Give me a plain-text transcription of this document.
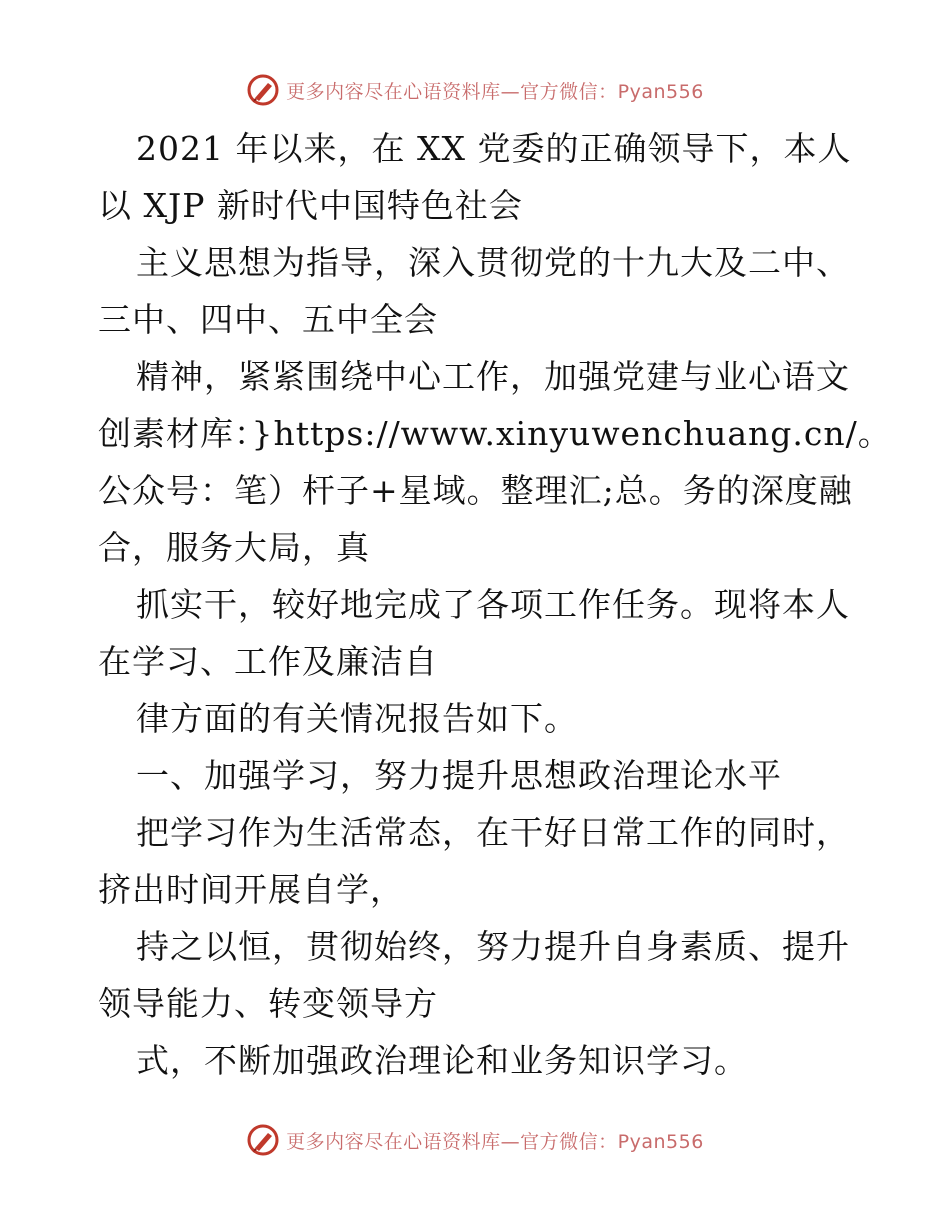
更多内容尽在心语资料库—官方微信：Pyan556

2021 年以来，在 XX 党委的正确领导下，本人

以 XJP 新时代中国特色社会

主义思想为指导，深入贯彻党的十九大及二中、

三中、四中、五中全会

精神，紧紧围绕中心工作，加强党建与业心语文

创素材库：}https://www.xinyuwenchuang.cn/。

公众号：笔）杆子+星域。整理汇;总。务的深度融

合，服务大局，真

抓实干，较好地完成了各项工作任务。现将本人

在学习、工作及廉洁自

律方面的有关情况报告如下。

一、加强学习，努力提升思想政治理论水平

把学习作为生活常态，在干好日常工作的同时，

挤出时间开展自学，

持之以恒，贯彻始终，努力提升自身素质、提升

领导能力、转变领导方

式，不断加强政治理论和业务知识学习。

更多内容尽在心语资料库—官方微信：Pyan556
